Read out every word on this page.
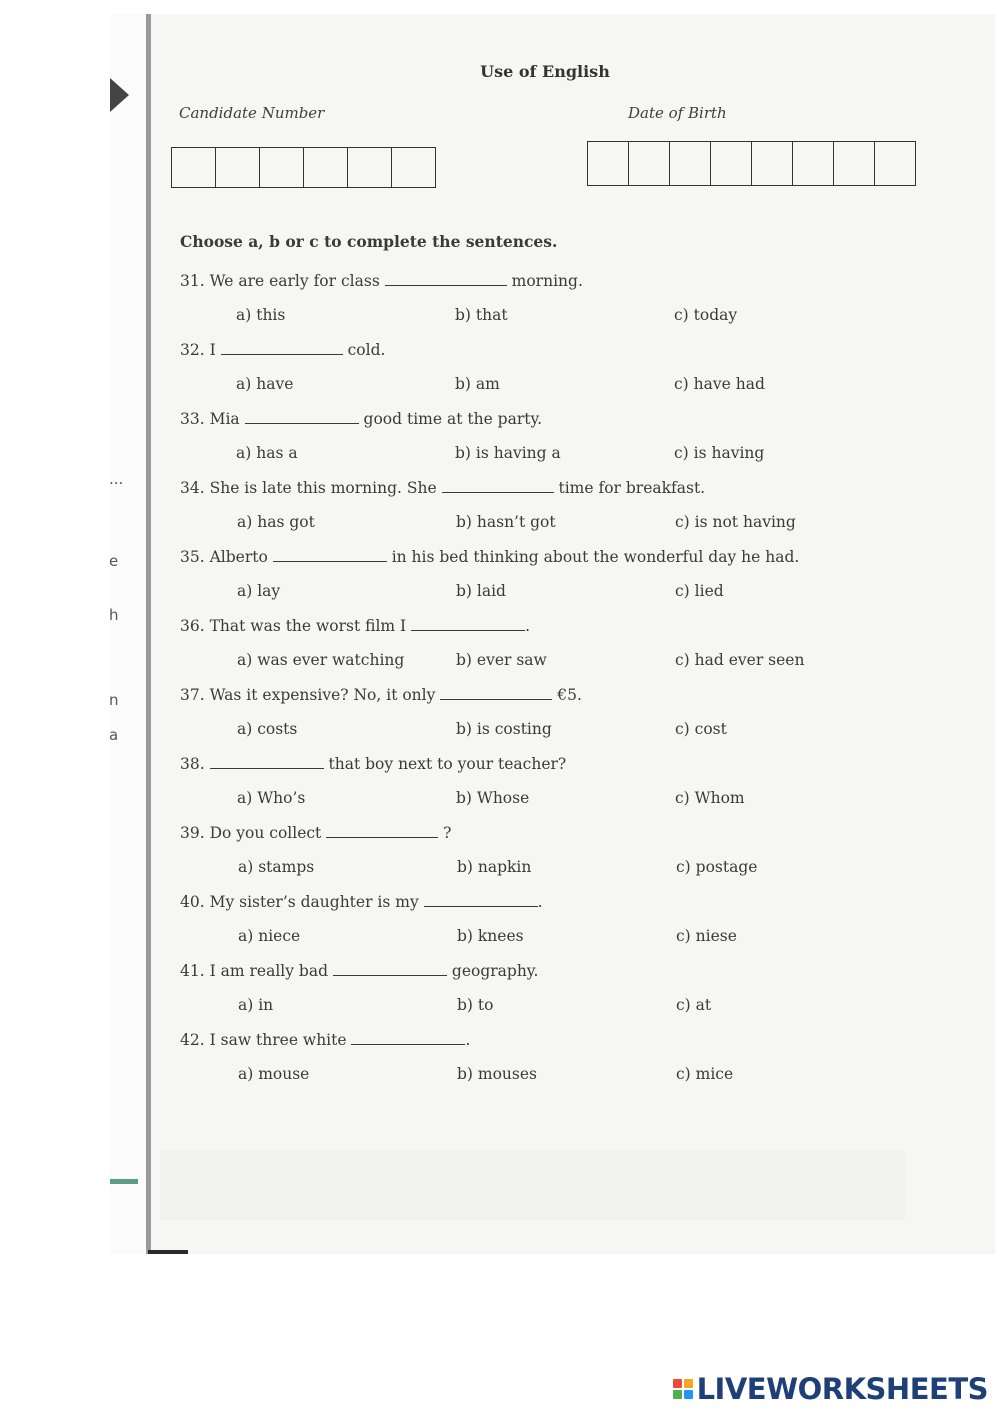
...
e
h
n
a
Use of English
Candidate Number	Date of Birth
Choose a, b or c to complete the sentences.
31. We are early for class	morning.
a) this	b) that	c) today
32. I	cold.
a) have	b) am	c) have had
33. Mia	good time at the party.
a) has a	b) is having a	c) is having
34. She is late this morning. She	time for breakfast.
a) has got	b) hasn’t got	c) is not having
35. Alberto	in his bed thinking about the wonderful day he had.
a) lay	b) laid	c) lied
36. That was the worst film I	.
a) was ever watching	b) ever saw	c) had ever seen
37. Was it expensive? No, it only	€5.
a) costs	b) is costing	c) cost
38.	that boy next to your teacher?
a) Who’s	b) Whose	c) Whom
39. Do you collect	?
a) stamps	b) napkin	c) postage
40. My sister’s daughter is my	.
a) niece	b) knees	c) niese
41. I am really bad	geography.
a) in	b) to	c) at
42. I saw three white	.
a) mouse	b) mouses	c) mice
LIVEWORKSHEETS
